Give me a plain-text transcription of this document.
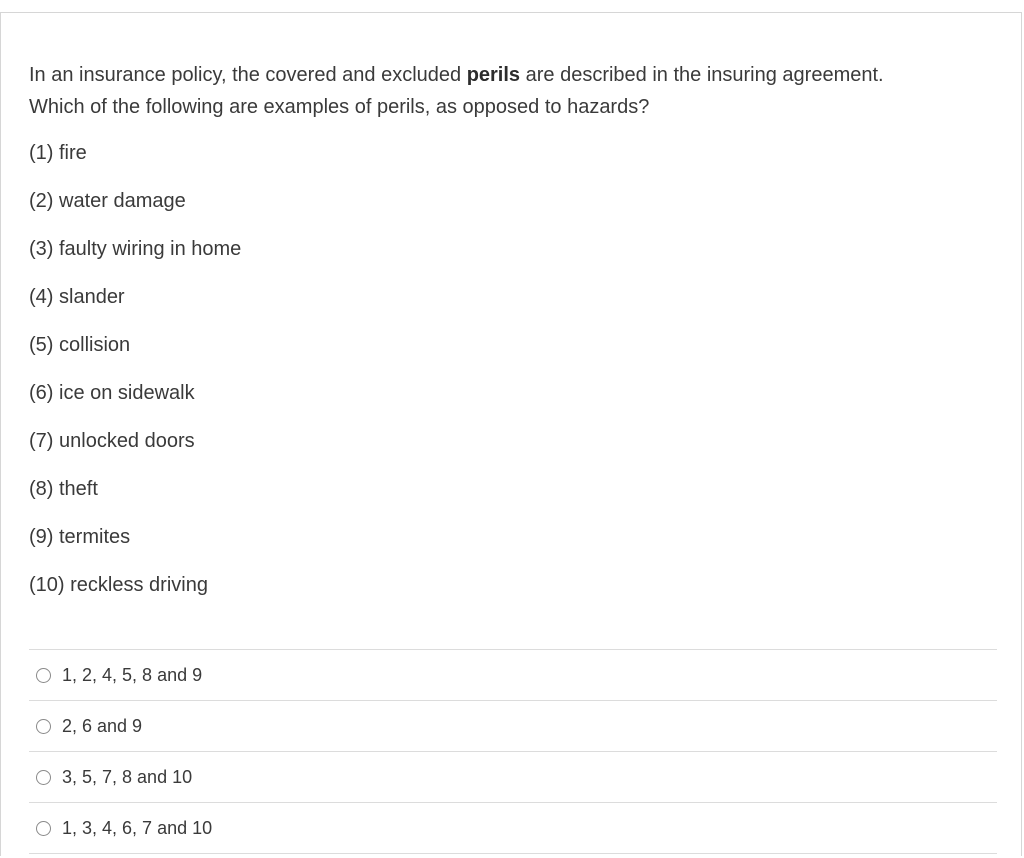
In an insurance policy, the covered and excluded perils are described in the insuring agreement.
Which of the following are examples of perils, as opposed to hazards?

(1) fire
(2) water damage
(3) faulty wiring in home
(4) slander
(5) collision
(6) ice on sidewalk
(7) unlocked doors
(8) theft
(9) termites
(10) reckless driving
1, 2, 4, 5, 8 and 9
2, 6 and 9
3, 5, 7, 8 and 10
1, 3, 4, 6, 7 and 10
